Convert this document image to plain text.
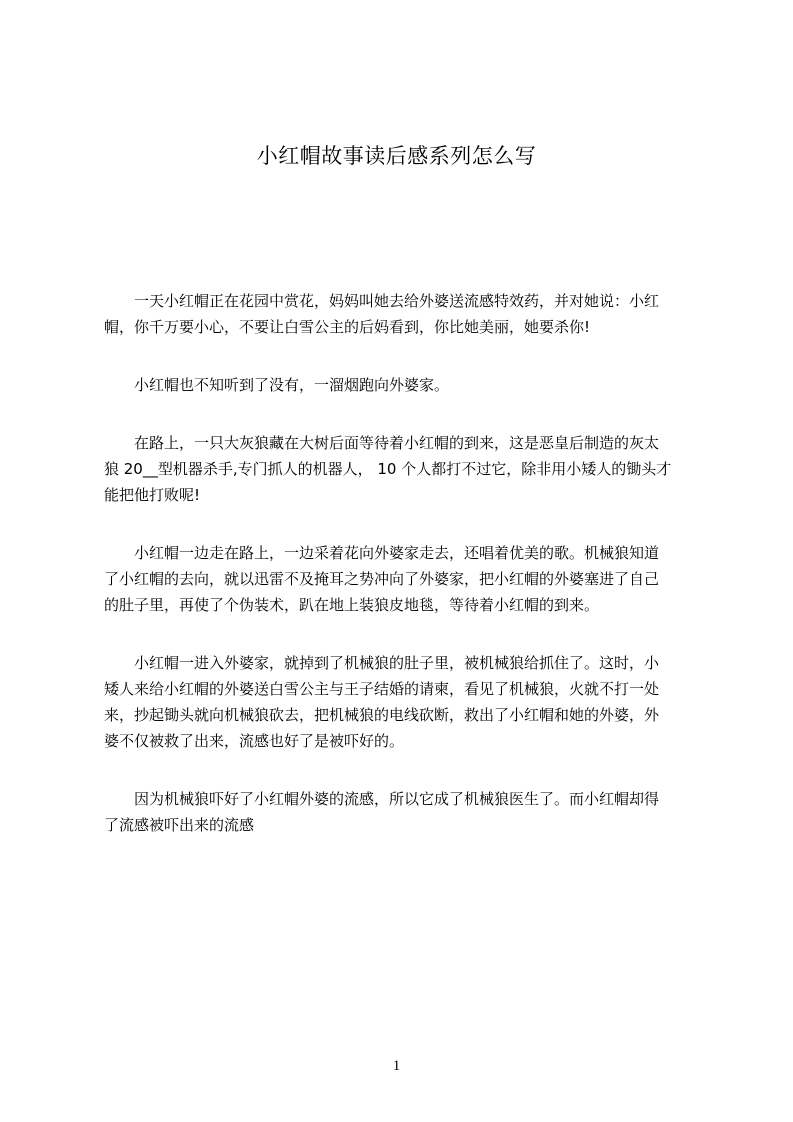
小红帽故事读后感系列怎么写

一天小红帽正在花园中赏花，妈妈叫她去给外婆送流感特效药，并对她说：小红
帽，你千万要小心，不要让白雪公主的后妈看到，你比她美丽，她要杀你!

小红帽也不知听到了没有，一溜烟跑向外婆家。

在路上，一只大灰狼藏在大树后面等待着小红帽的到来，这是恶皇后制造的灰太
狼 20__型机器杀手,专门抓人的机器人， 10 个人都打不过它，除非用小矮人的锄头才
能把他打败呢!

小红帽一边走在路上，一边采着花向外婆家走去，还唱着优美的歌。机械狼知道
了小红帽的去向，就以迅雷不及掩耳之势冲向了外婆家，把小红帽的外婆塞进了自己
的肚子里，再使了个伪装术，趴在地上装狼皮地毯，等待着小红帽的到来。

小红帽一进入外婆家，就掉到了机械狼的肚子里，被机械狼给抓住了。这时，小
矮人来给小红帽的外婆送白雪公主与王子结婚的请柬，看见了机械狼，火就不打一处
来，抄起锄头就向机械狼砍去，把机械狼的电线砍断，救出了小红帽和她的外婆，外
婆不仅被救了出来，流感也好了是被吓好的。

因为机械狼吓好了小红帽外婆的流感，所以它成了机械狼医生了。而小红帽却得
了流感被吓出来的流感

1
